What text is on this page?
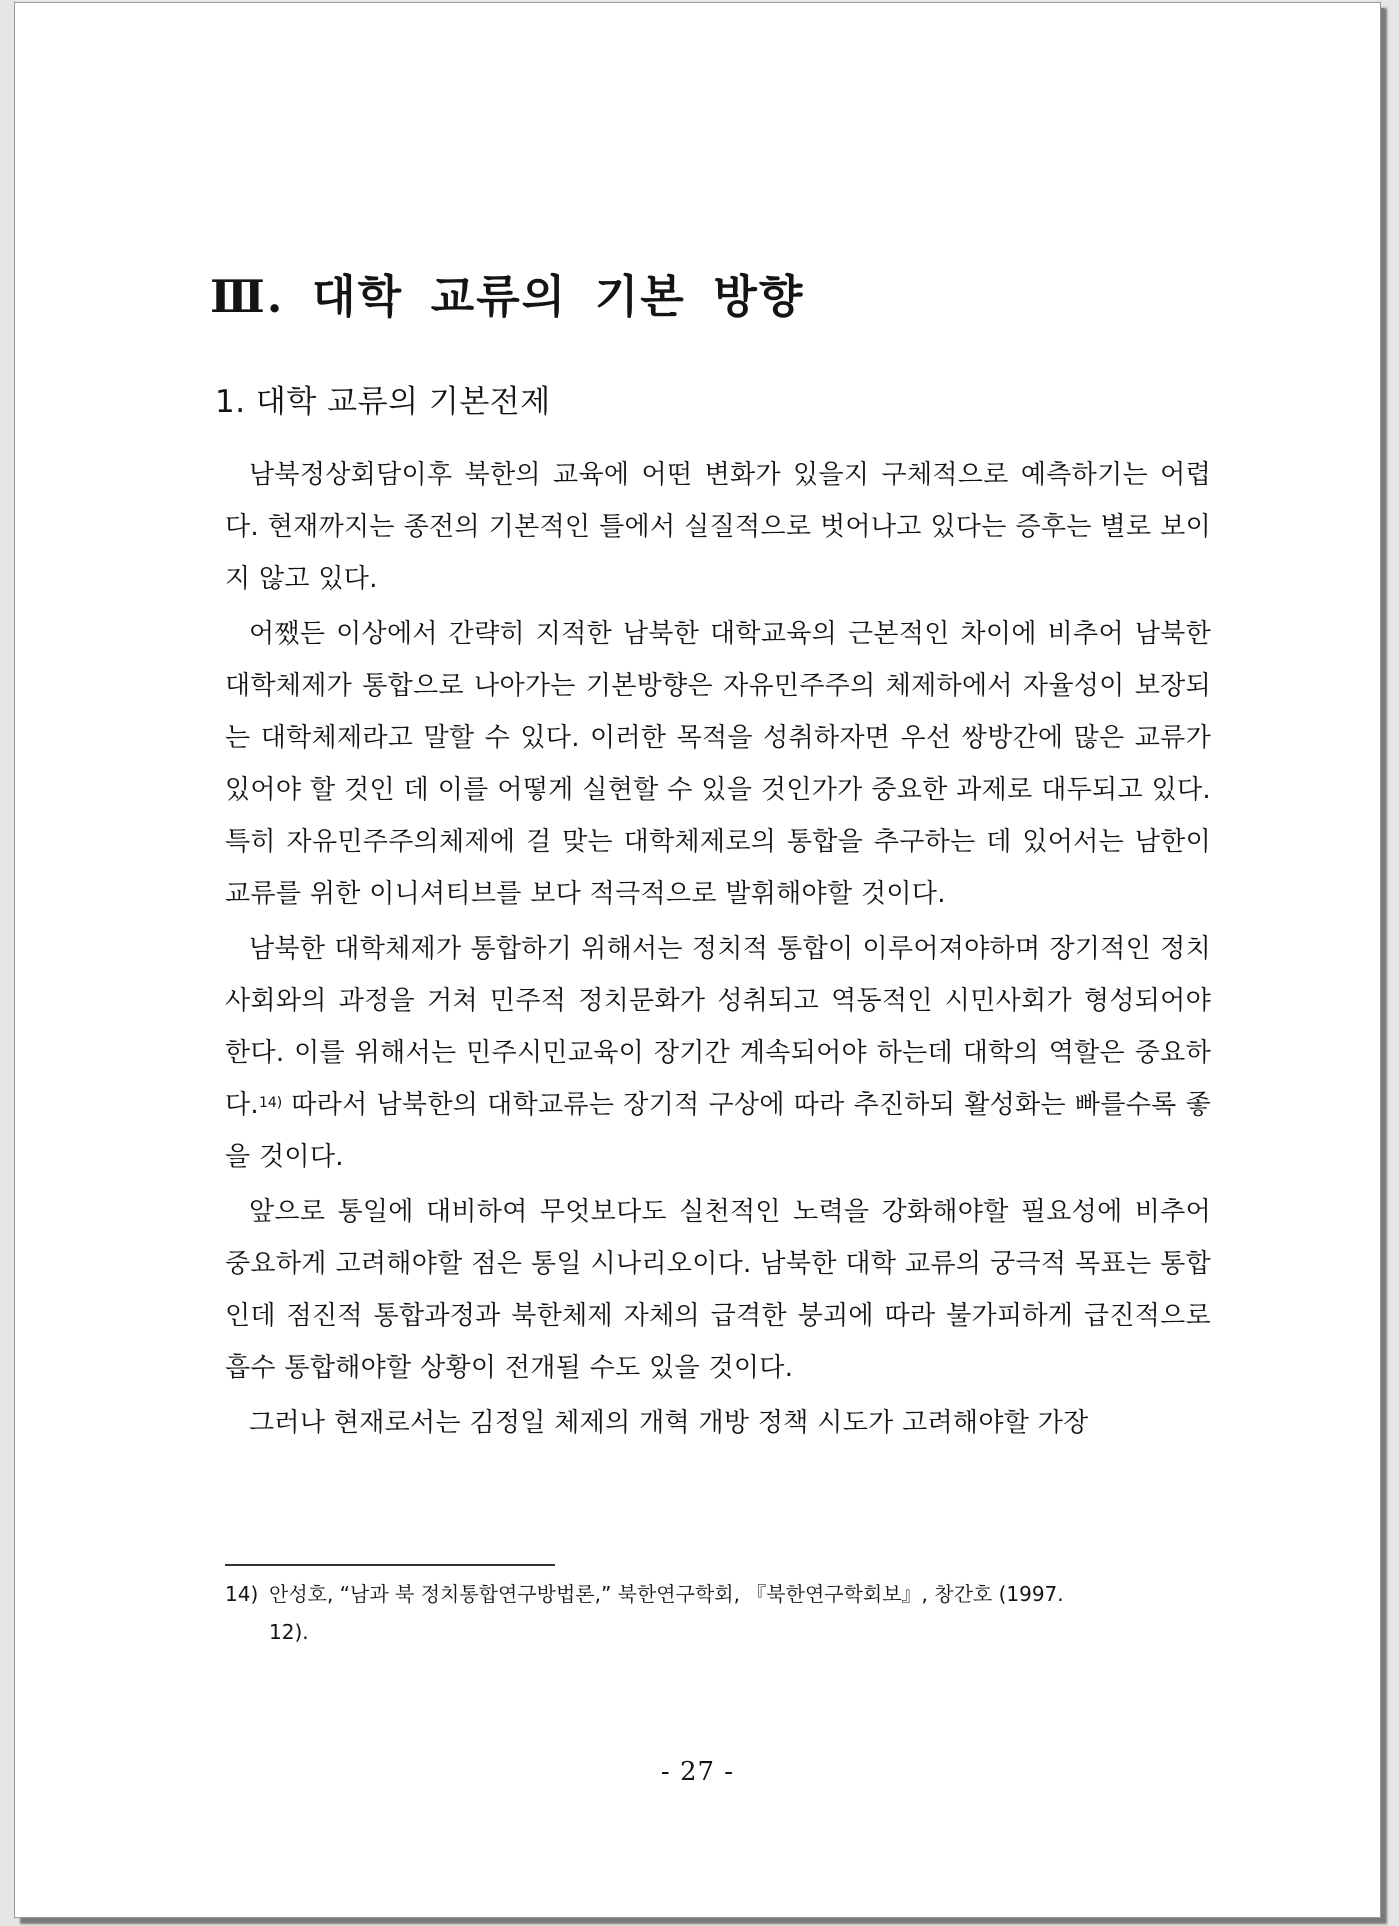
Ⅲ. 대학 교류의 기본 방향
1. 대학 교류의 기본전제

남북정상회담이후 북한의 교육에 어떤 변화가 있을지 구체적으로 예측하기는 어렵다. 현재까지는 종전의 기본적인 틀에서 실질적으로 벗어나고 있다는 증후는 별로 보이지 않고 있다.

어쨌든 이상에서 간략히 지적한 남북한 대학교육의 근본적인 차이에 비추어 남북한 대학체제가 통합으로 나아가는 기본방향은 자유민주주의 체제하에서 자율성이 보장되는 대학체제라고 말할 수 있다. 이러한 목적을 성취하자면 우선 쌍방간에 많은 교류가 있어야 할 것인 데 이를 어떻게 실현할 수 있을 것인가가 중요한 과제로 대두되고 있다. 특히 자유민주주의체제에 걸 맞는 대학체제로의 통합을 추구하는 데 있어서는 남한이 교류를 위한 이니셔티브를 보다 적극적으로 발휘해야할 것이다.

남북한 대학체제가 통합하기 위해서는 정치적 통합이 이루어져야하며 장기적인 정치사회와의 과정을 거쳐 민주적 정치문화가 성취되고 역동적인 시민사회가 형성되어야 한다. 이를 위해서는 민주시민교육이 장기간 계속되어야 하는데 대학의 역할은 중요하다.$^{14)}$ 따라서 남북한의 대학교류는 장기적 구상에 따라 추진하되 활성화는 빠를수록 좋을 것이다.

앞으로 통일에 대비하여 무엇보다도 실천적인 노력을 강화해야할 필요성에 비추어 중요하게 고려해야할 점은 통일 시나리오이다. 남북한 대학 교류의 궁극적 목표는 통합인데 점진적 통합과정과 북한체제 자체의 급격한 붕괴에 따라 불가피하게 급진적으로 흡수 통합해야할 상황이 전개될 수도 있을 것이다.

그러나 현재로서는 김정일 체제의 개혁 개방 정책 시도가 고려해야할 가장

14) 안성호, “남과 북 정치통합연구방법론,” 북한연구학회, 『북한연구학회보』, 창간호 (1997.
12).
- 27 -
